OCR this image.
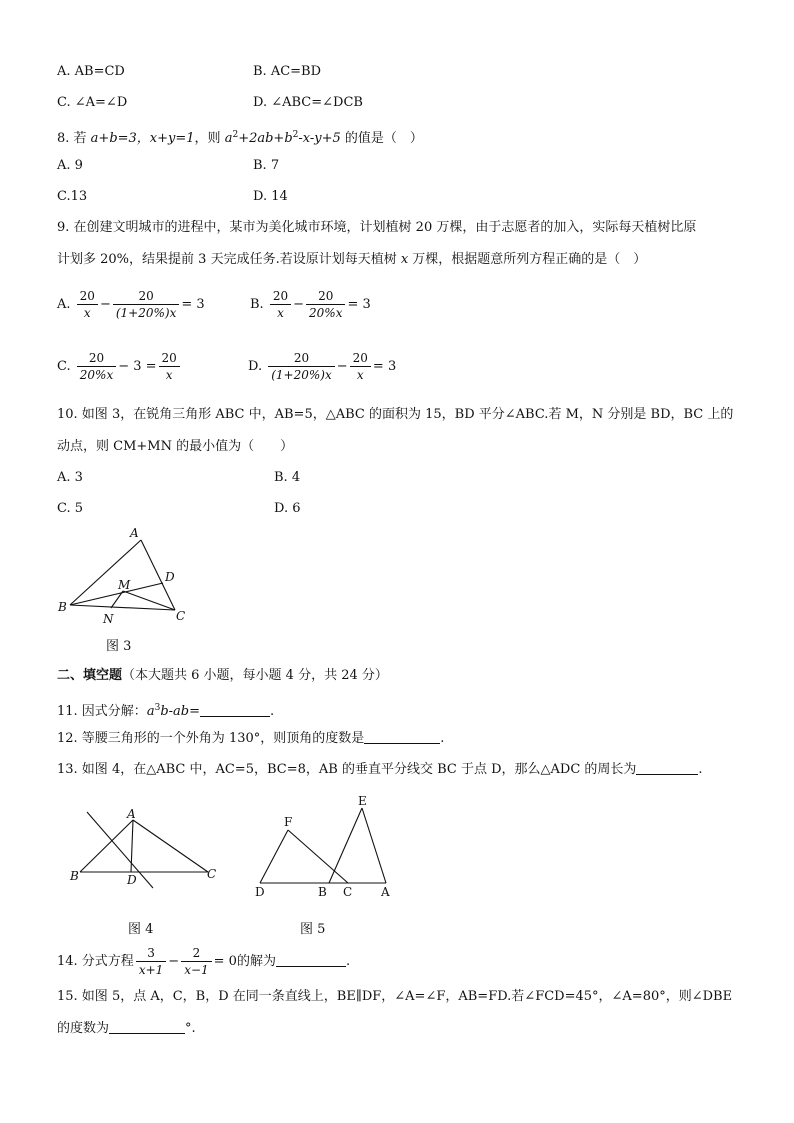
A. AB=CD	B. AC=BD
C. ∠A=∠D	D. ∠ABC=∠DCB
8. 若 a+b=3，x+y=1，则 $a^2+2ab+b^2-x-y+5$ 的值是（　）
A. 9	B. 7
C.13	D. 14
9. 在创建文明城市的进程中，某市为美化城市环境，计划植树 20 万棵，由于志愿者的加入，实际每天植树比原
计划多 20%，结果提前 3 天完成任务.若设原计划每天植树 x 万棵，根据题意所列方程正确的是（　）
A. $\frac{20}{x} - \frac{20}{(1+20\%)x} = 3$	B. $\frac{20}{x} - \frac{20}{20\%x} = 3$
C. $\frac{20}{20\%x} - 3 = \frac{20}{x}$	D. $\frac{20}{(1+20\%)x} - \frac{20}{x} = 3$
10. 如图 3，在锐角三角形 ABC 中，AB=5，△ABC 的面积为 15，BD 平分∠ABC.若 M，N 分别是 BD，BC 上的
动点，则 CM+MN 的最小值为（　　）
A. 3	B. 4
C. 5	D. 6
A
B
C
D
M
N
图 3
二、填空题（本大题共 6 小题，每小题 4 分，共 24 分）
11. 因式分解：$a^3b-ab=$	.
12. 等腰三角形的一个外角为 130°，则顶角的度数是	.
13. 如图 4，在△ABC 中，AC=5，BC=8，AB 的垂直平分线交 BC 于点 D，那么△ADC 的周长为	.
A
B	C
D
图 4
F
E
D	B C A
图 5
14. 分式方程 $\frac{3}{x+1} - \frac{2}{x-1} = 0$的解为	.
15. 如图 5，点 A，C，B，D 在同一条直线上，BE∥DF，∠A=∠F，AB=FD.若∠FCD=45°，∠A=80°，则∠DBE
的度数为	°.
